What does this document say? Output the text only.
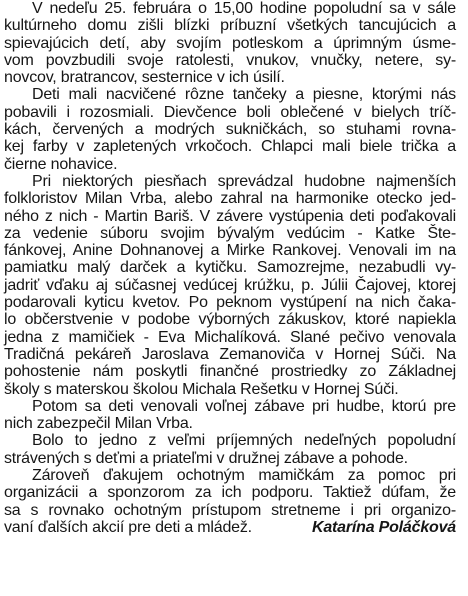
V nedeľu 25. februára o 15,00 hodine popoludní sa v sále
kultúrneho domu zišli blízki príbuzní všetkých tancujúcich a
spievajúcich detí, aby svojím potleskom a úprimným úsme-
vom povzbudili svoje ratolesti, vnukov, vnučky, netere, sy-
novcov, bratrancov, sesternice v ich úsilí.
Deti mali nacvičené rôzne tančeky a piesne, ktorými nás
pobavili i rozosmiali. Dievčence boli oblečené v bielych tríč-
kách, červených a modrých sukničkách, so stuhami rovna-
kej farby v zapletených vrkočoch. Chlapci mali biele trička a
čierne nohavice.
Pri niektorých piesňach sprevádzal hudobne najmenších
folkloristov Milan Vrba, alebo zahral na harmonike otecko jed-
ného z nich - Martin Bariš. V závere vystúpenia deti poďakovali
za vedenie súboru svojim bývalým vedúcim - Katke Šte-
fánkovej, Anine Dohnanovej a Mirke Rankovej. Venovali im na
pamiatku malý darček a kytičku. Samozrejme, nezabudli vy-
jadriť vďaku aj súčasnej vedúcej krúžku, p. Júlii Čajovej, ktorej
podarovali kyticu kvetov. Po peknom vystúpení na nich čaka-
lo občerstvenie v podobe výborných zákuskov, ktoré napiekla
jedna z mamičiek - Eva Michalíková. Slané pečivo venovala
Tradičná pekáreň Jaroslava Zemanoviča v Hornej Súči. Na
pohostenie nám poskytli finančné prostriedky zo Základnej
školy s materskou školou Michala Rešetku v Hornej Súči.
Potom sa deti venovali voľnej zábave pri hudbe, ktorú pre
nich zabezpečil Milan Vrba.
Bolo to jedno z veľmi príjemných nedeľných popoludní
strávených s deťmi a priateľmi v družnej zábave a pohode.
Zároveň ďakujem ochotným mamičkám za pomoc pri
organizácii a sponzorom za ich podporu. Taktiež dúfam, že
sa s rovnako ochotným prístupom stretneme i pri organizo-
vaní ďalších akcií pre deti a mládež.	Katarína Poláčková
